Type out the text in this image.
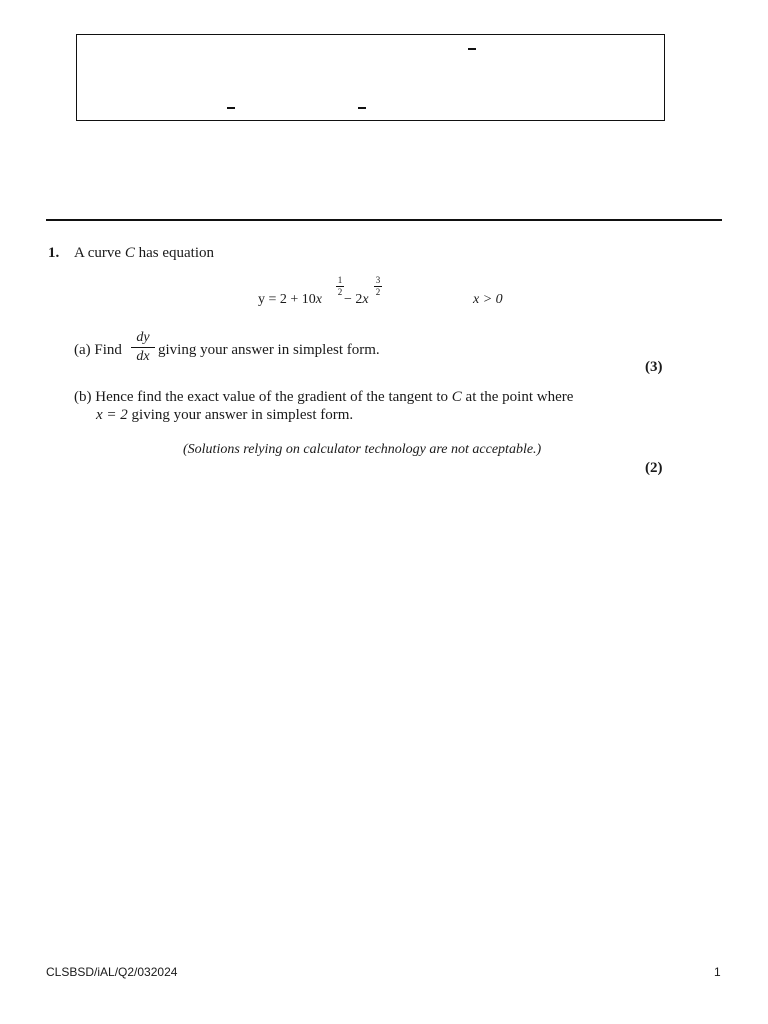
1. A curve C has equation
y = 2 + 10x
1
2 − 2x
3
2	x > 0
(a) Find
dy
dx giving your answer in simplest form.
(3)
(b) Hence find the exact value of the gradient of the tangent to C at the point where
x = 2 giving your answer in simplest form.
(Solutions relying on calculator technology are not acceptable.)
(2)
CLSBSD/iAL/Q2/032024	1
